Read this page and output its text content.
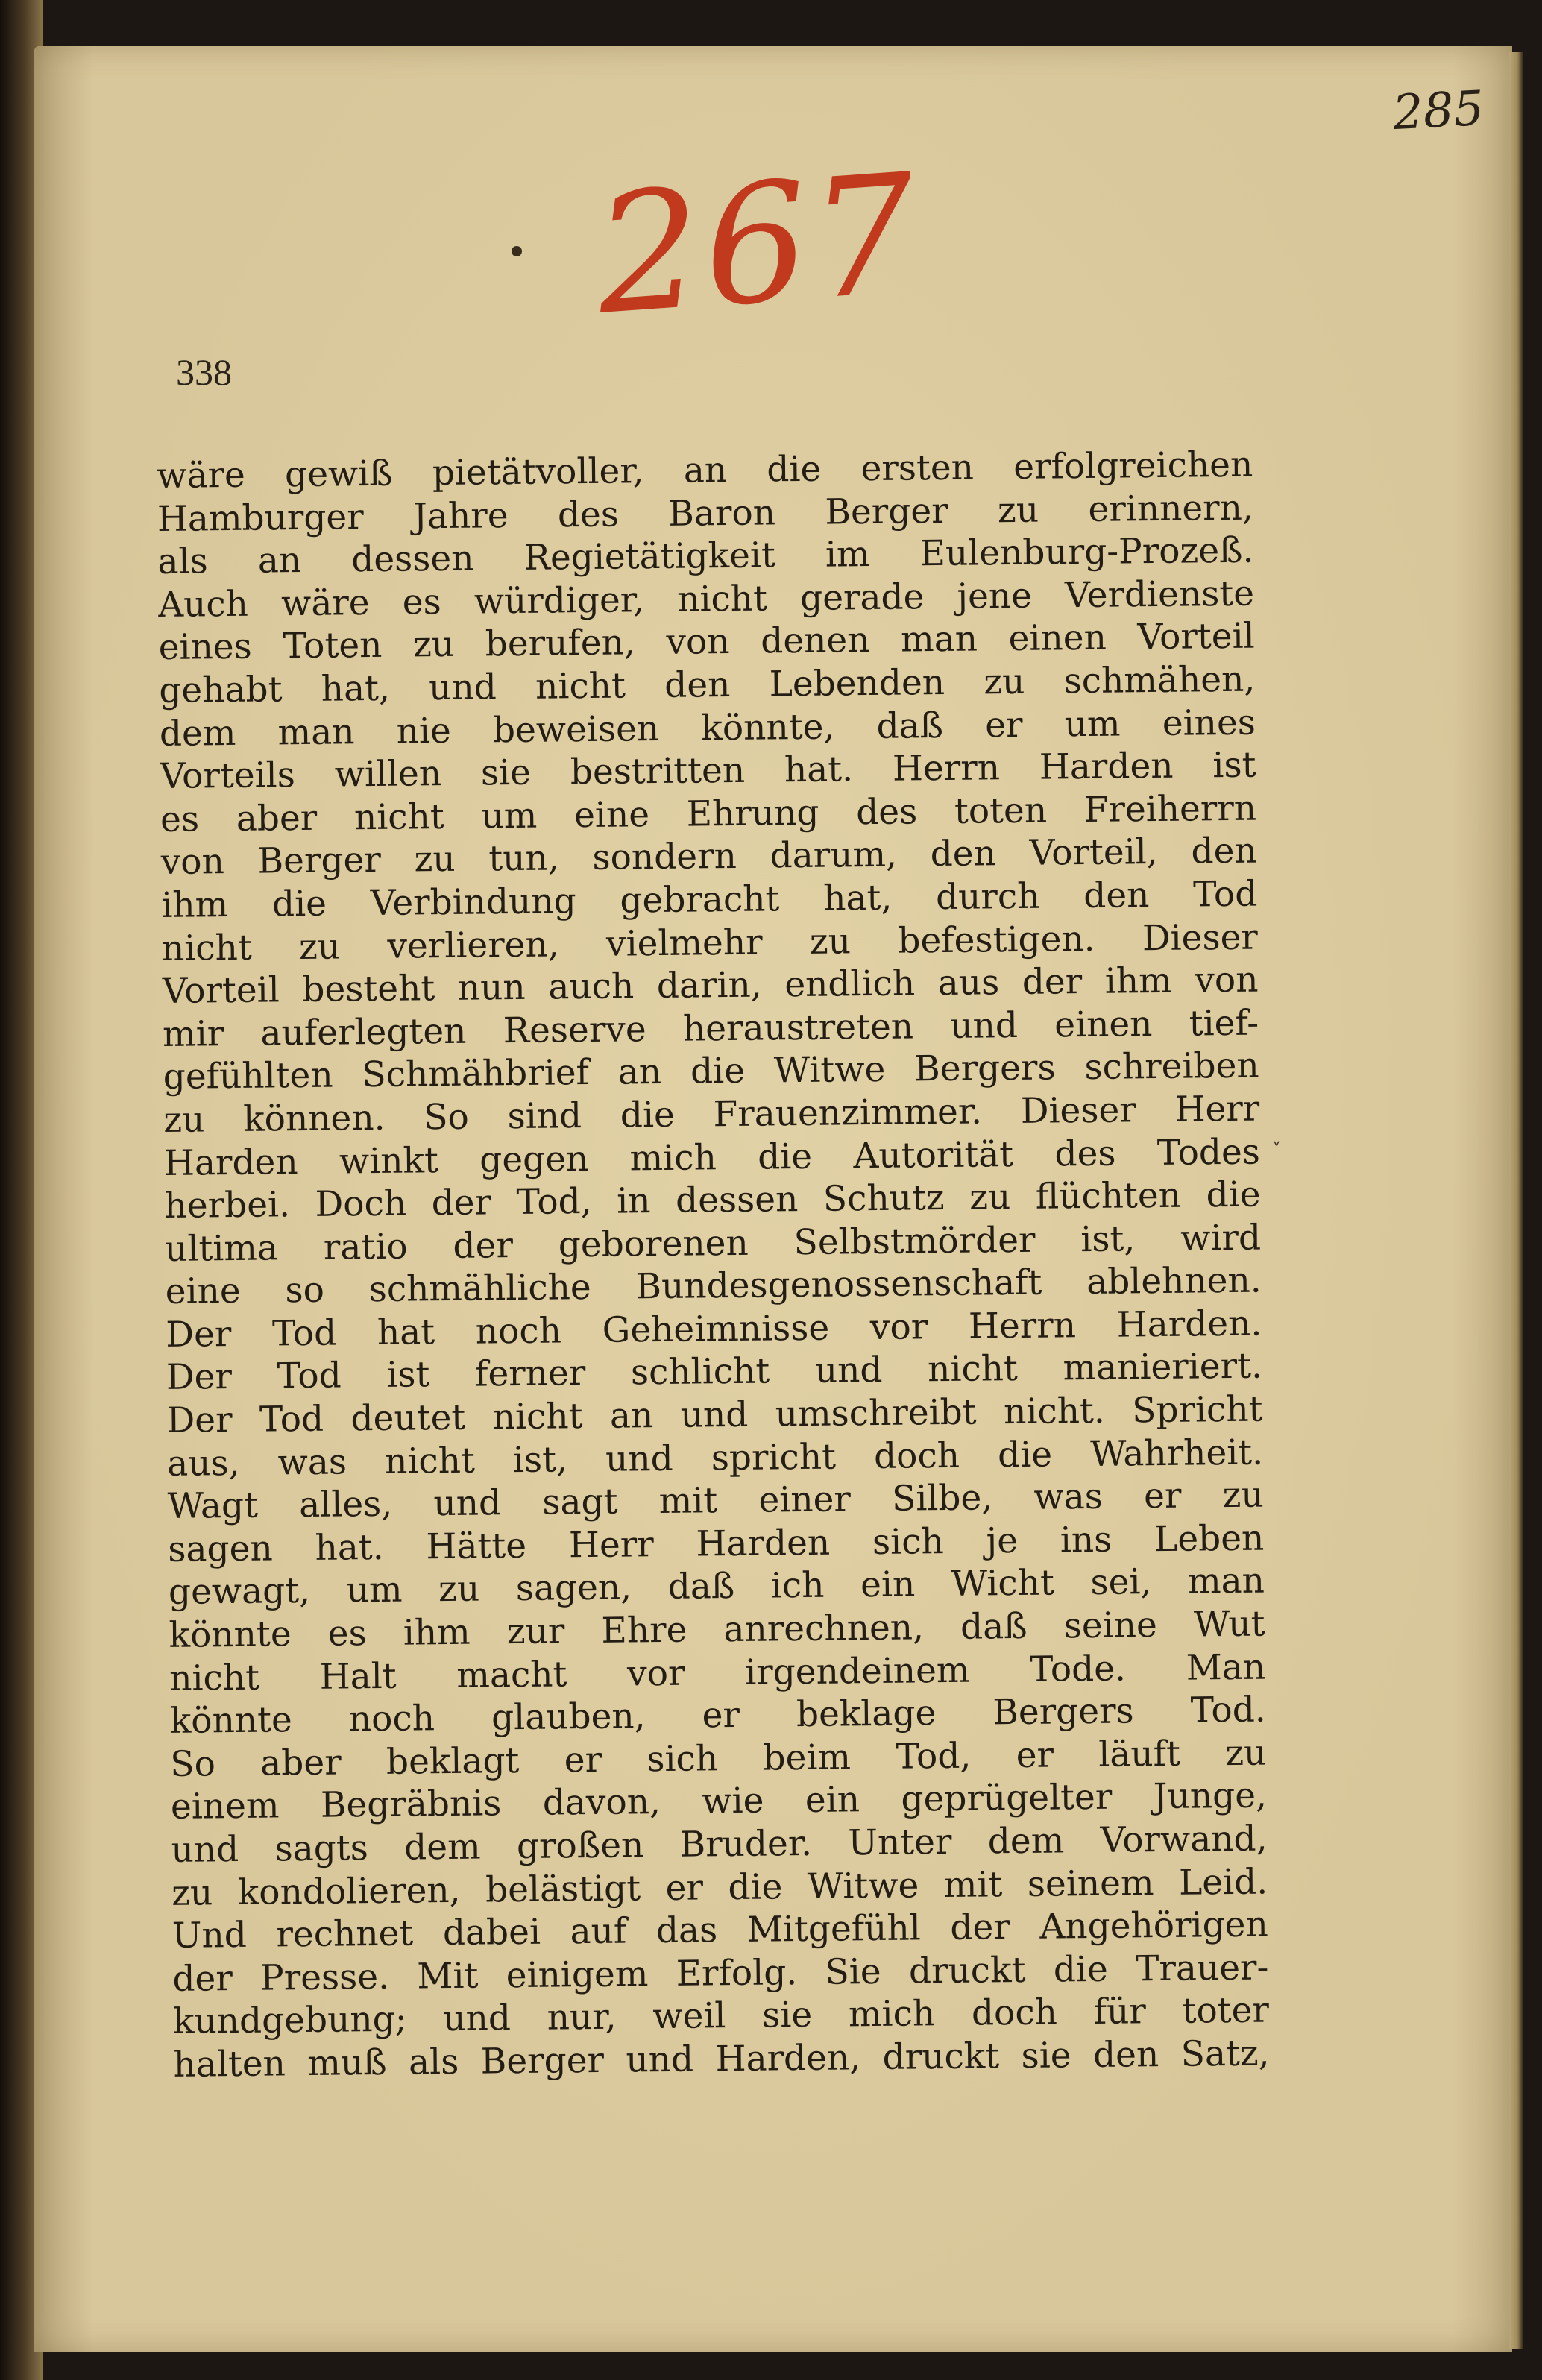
285
267
338
wäre gewiß pietätvoller, an die ersten erfolgreichen
Hamburger Jahre des Baron Berger zu erinnern,
als an dessen Regietätigkeit im Eulenburg-Prozeß.
Auch wäre es würdiger, nicht gerade jene Verdienste
eines Toten zu berufen, von denen man einen Vorteil
gehabt hat, und nicht den Lebenden zu schmähen,
dem man nie beweisen könnte, daß er um eines
Vorteils willen sie bestritten hat. Herrn Harden ist
es aber nicht um eine Ehrung des toten Freiherrn
von Berger zu tun, sondern darum, den Vorteil, den
ihm die Verbindung gebracht hat, durch den Tod
nicht zu verlieren, vielmehr zu befestigen. Dieser
Vorteil besteht nun auch darin, endlich aus der ihm von
mir auferlegten Reserve heraustreten und einen tief-
gefühlten Schmähbrief an die Witwe Bergers schreiben
zu können. So sind die Frauenzimmer. Dieser Herr
Harden winkt gegen mich die Autorität des Todes
herbei. Doch der Tod, in dessen Schutz zu flüchten die
ultima ratio der geborenen Selbstmörder ist, wird
eine so schmähliche Bundesgenossenschaft ablehnen.
Der Tod hat noch Geheimnisse vor Herrn Harden.
Der Tod ist ferner schlicht und nicht manieriert.
Der Tod deutet nicht an und umschreibt nicht. Spricht
aus, was nicht ist, und spricht doch die Wahrheit.
Wagt alles, und sagt mit einer Silbe, was er zu
sagen hat. Hätte Herr Harden sich je ins Leben
gewagt, um zu sagen, daß ich ein Wicht sei, man
könnte es ihm zur Ehre anrechnen, daß seine Wut
nicht Halt macht vor irgendeinem Tode. Man
könnte noch glauben, er beklage Bergers Tod.
So aber beklagt er sich beim Tod, er läuft zu
einem Begräbnis davon, wie ein geprügelter Junge,
und sagts dem großen Bruder. Unter dem Vorwand,
zu kondolieren, belästigt er die Witwe mit seinem Leid.
Und rechnet dabei auf das Mitgefühl der Angehörigen
der Presse. Mit einigem Erfolg. Sie druckt die Trauer-
kundgebung; und nur, weil sie mich doch für toter
halten muß als Berger und Harden, druckt sie den Satz,
˅
